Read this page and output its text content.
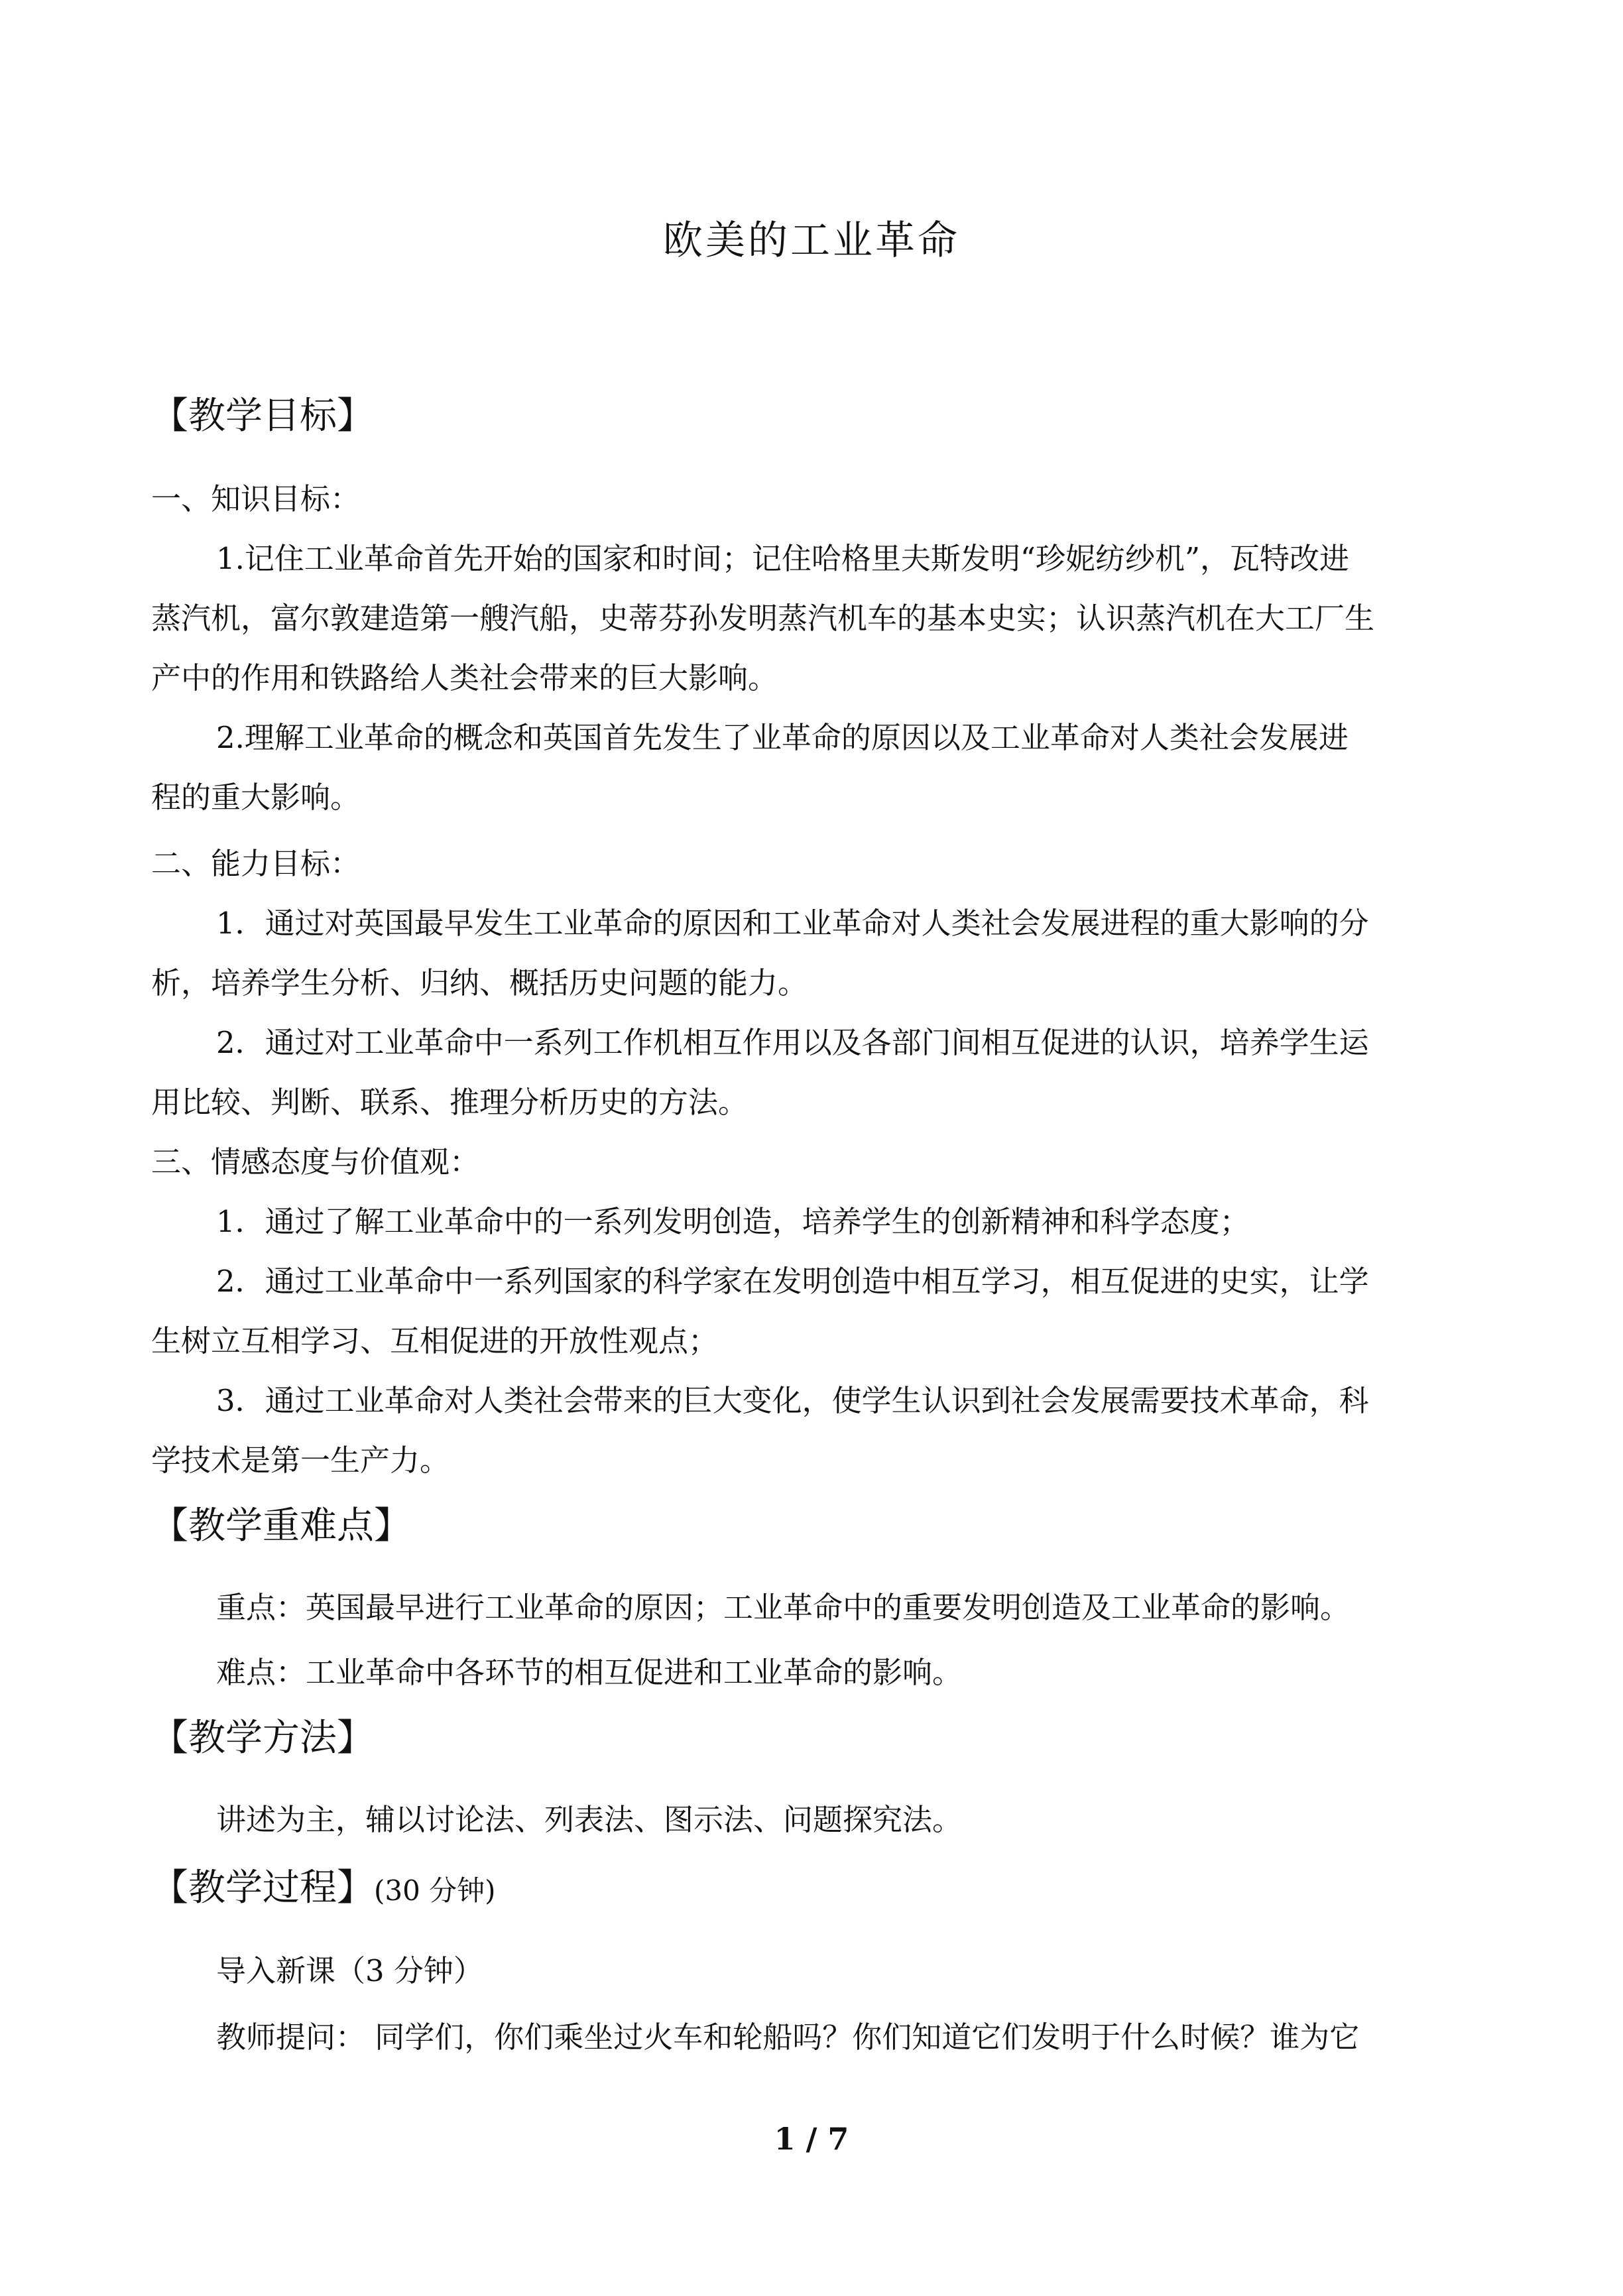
欧美的工业革命
【教学目标】
一、知识目标：
1.记住工业革命首先开始的国家和时间；记住哈格里夫斯发明“珍妮纺纱机”，瓦特改进
蒸汽机，富尔敦建造第一艘汽船，史蒂芬孙发明蒸汽机车的基本史实；认识蒸汽机在大工厂生
产中的作用和铁路给人类社会带来的巨大影响。
2.理解工业革命的概念和英国首先发生了业革命的原因以及工业革命对人类社会发展进
程的重大影响。
二、能力目标：
1．通过对英国最早发生工业革命的原因和工业革命对人类社会发展进程的重大影响的分
析，培养学生分析、归纳、概括历史问题的能力。
2．通过对工业革命中一系列工作机相互作用以及各部门间相互促进的认识，培养学生运
用比较、判断、联系、推理分析历史的方法。
三、情感态度与价值观：
1．通过了解工业革命中的一系列发明创造，培养学生的创新精神和科学态度；
2．通过工业革命中一系列国家的科学家在发明创造中相互学习，相互促进的史实，让学
生树立互相学习、互相促进的开放性观点；
3．通过工业革命对人类社会带来的巨大变化，使学生认识到社会发展需要技术革命，科
学技术是第一生产力。
【教学重难点】
重点：英国最早进行工业革命的原因；工业革命中的重要发明创造及工业革命的影响。
难点：工业革命中各环节的相互促进和工业革命的影响。
【教学方法】
讲述为主，辅以讨论法、列表法、图示法、问题探究法。
【教学过程】(30 分钟)
导入新课（3 分钟）
教师提问： 同学们，你们乘坐过火车和轮船吗？你们知道它们发明于什么时候？谁为它
1 / 7
